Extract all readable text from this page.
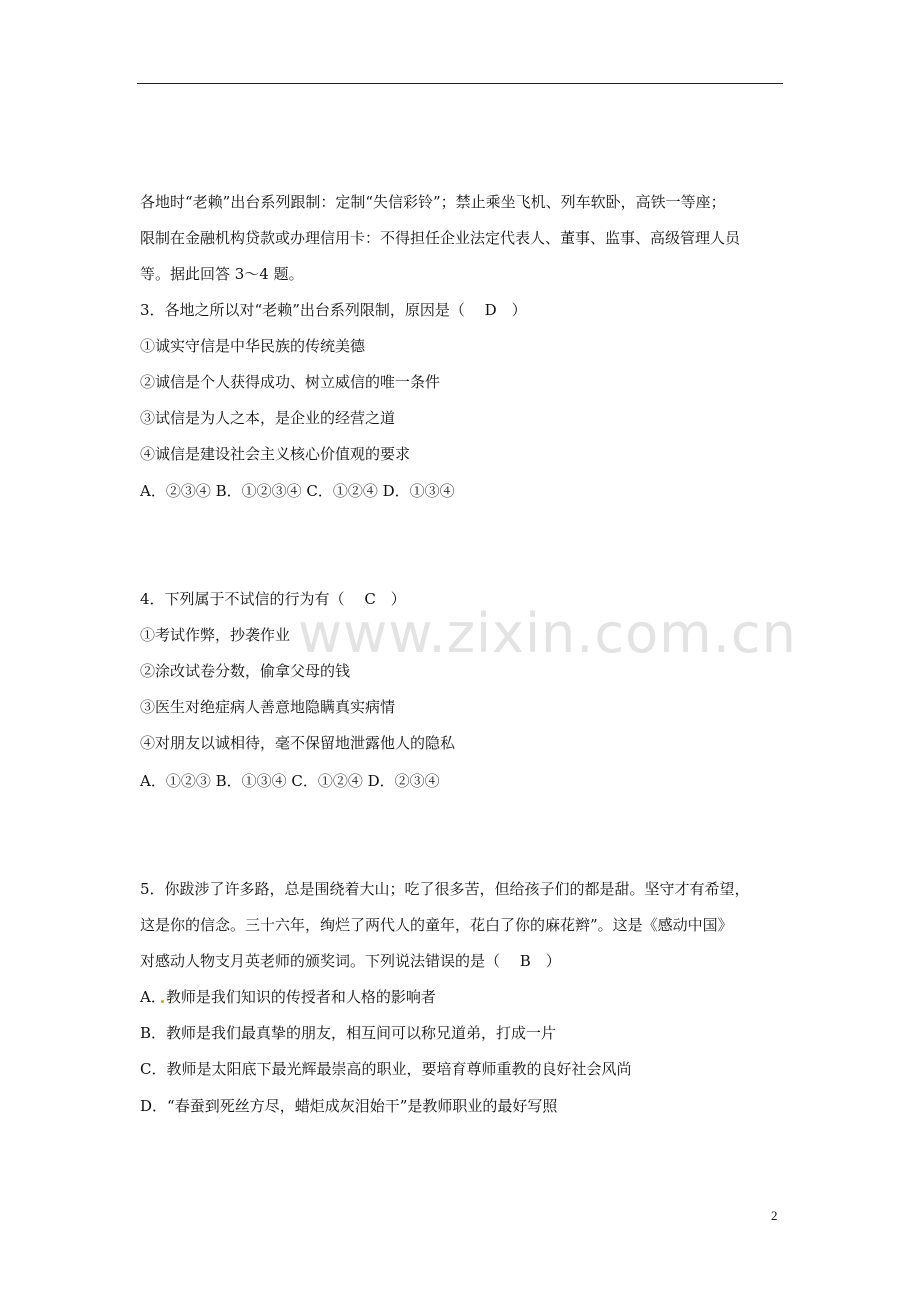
www.zixin.com.cn
各地时“老赖”出台系列跟制：定制“失信彩铃”；禁止乘坐飞机、列车软卧，高铁一等座；
限制在金融机构贷款或办理信用卡：不得担任企业法定代表人、董事、监事、高级管理人员
等。据此回答 3～4 题。
3．各地之所以对“老赖”出台系列限制，原因是（　 D　）
①诚实守信是中华民族的传统美德
②诚信是个人获得成功、树立威信的唯一条件
③试信是为人之本，是企业的经营之道
④诚信是建设社会主义核心价值观的要求
A．②③④ B．①②③④ C．①②④ D．①③④
4．下列属于不试信的行为有（　 C　）
①考试作弊，抄袭作业
②涂改试卷分数，偷拿父母的钱
③医生对绝症病人善意地隐瞒真实病情
④对朋友以诚相待，毫不保留地泄露他人的隐私
A．①②③ B．①③④ C．①②④ D．②③④
5．你跋涉了许多路，总是围绕着大山；吃了很多苦，但给孩子们的都是甜。坚守才有希望，
这是你的信念。三十六年，绚烂了两代人的童年，花白了你的麻花辫”。这是《感动中国》
对感动人物支月英老师的颁奖词。下列说法错误的是（　 B　）
A．教师是我们知识的传授者和人格的影响者
B．教师是我们最真挚的朋友，相互间可以称兄道弟，打成一片
C．教师是太阳底下最光辉最崇高的职业，要培育尊师重教的良好社会风尚
D．“春蚕到死丝方尽，蜡炬成灰泪始干”是教师职业的最好写照
2
